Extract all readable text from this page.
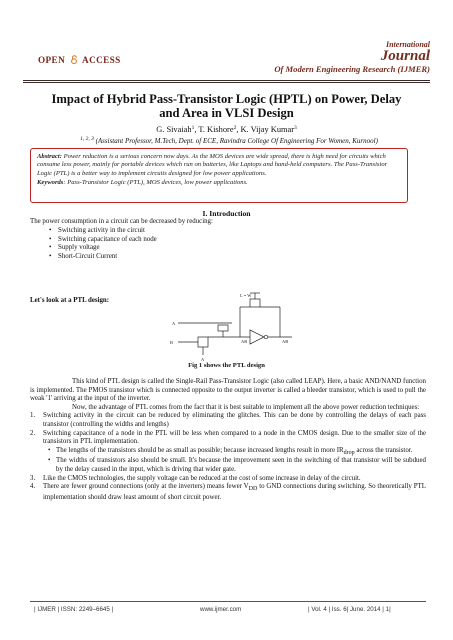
OPEN ACCESS
International
Journal
Of Modern Engineering Research (IJMER)
Impact of Hybrid Pass-Transistor Logic (HPTL) on Power, Delay
and Area in VLSI Design
G. Sivaiah$^1$, T. Kishore$^2$, K. Vijay Kumar$^3$
$^{1, 2, 3}$ (Assistant Professor, M.Tech, Dept. of ECE, Ravindra College Of Engineering For Women, Kurnool)
Abstract: Power reduction is a serious concern now days. As the MOS devices are wide spread, there is high need for circuits which consume less power, mainly for portable devices which run on batteries, like Laptops and hand-held computers. The Pass-Transistor Logic (PTL) is a better way to implement circuits designed for low power applications.
Keywords: Pass-Transistor Logic (PTL), MOS devices, low power applications.
I. Introduction
The power consumption in a circuit can be decreased by reducing:
• Switching activity in the circuit
• Switching capacitance of each node
• Supply voltage
• Short-Circuit Current
Let's look at a PTL design:
L = W
A
B
A
AB	AB
Fig 1 shows the PTL design

This kind of PTL design is called the Single-Rail Pass-Transistor Logic (also called LEAP). Here, a basic AND/NAND function is implemented. The PMOS transistor which is connected opposite to the output inverter is called a bleeder transistor, which is used to pull the weak '1' arriving at the input of the inverter.

Now, the advantage of PTL comes from the fact that it is best suitable to implement all the above power reduction techniques:

1. Switching activity in the circuit can be reduced by eliminating the glitches. This can be done by controlling the delays of each pass transistor (controlling the widths and lengths)
2. Switching capacitance of a node in the PTL will be less when compared to a node in the CMOS design. Due to the smaller size of the transistors in PTL implementation.
• The lengths of the transistors should be as small as possible; because increased lengths result in more IRdrop across the transistor.
• The widths of transistors also should be small. It's because the improvement seen in the switching of that transistor will be subdued by the delay caused in the input, which is driving that wider gate.
3. Like the CMOS technologies, the supply voltage can be reduced at the cost of some increase in delay of the circuit.
4. There are fewer ground connections (only at the inverters) means fewer VDD to GND connections during switching. So theoretically PTL implementation should draw least amount of short circuit power.
| IJMER | ISSN: 2249–6645 |	www.ijmer.com	| Vol. 4 | Iss. 6| June. 2014 | 1|
